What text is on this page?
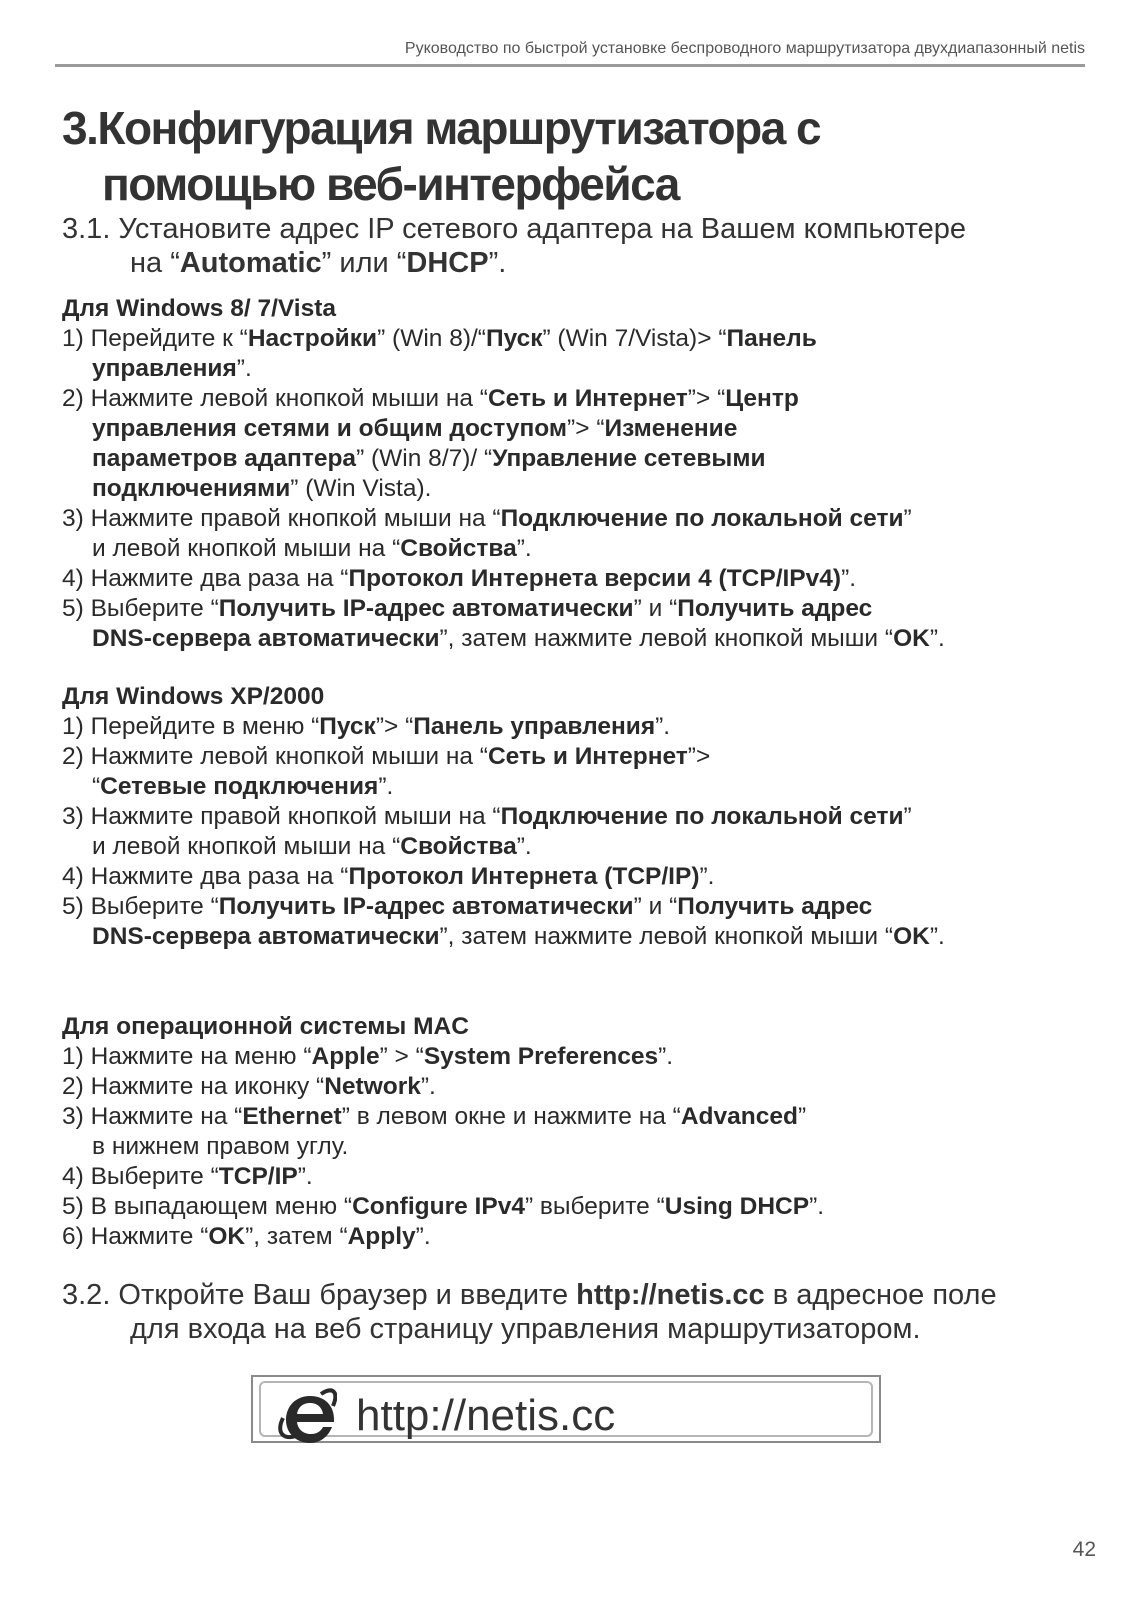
Руководство по быстрой установке беспроводного маршрутизатора двухдиапазонный netis
3.Конфигурация маршрутизатора с
помощью веб-интерфейса
3.1. Установите адрес IP сетевого адаптера на Вашем компьютере
на “Automatic” или “DHCP”.
Для Windows 8/ 7/Vista
1) Перейдите к “Настройки” (Win 8)/“Пуск” (Win 7/Vista)> “Панель
управления”.
2) Нажмите левой кнопкой мыши на “Сеть и Интернет”> “Центр
управления сетями и общим доступом”> “Изменение
параметров адаптера” (Win 8/7)/ “Управление сетевыми
подключениями” (Win Vista).
3) Нажмите правой кнопкой мыши на “Подключение по локальной сети”
и левой кнопкой мыши на “Свойства”.
4) Нажмите два раза на “Протокол Интернета версии 4 (TCP/IPv4)”.
5) Выберите “Получить IP-адрес автоматически” и “Получить адрес
DNS-сервера автоматически”, затем нажмите левой кнопкой мыши “OK”.
Для Windows XP/2000
1) Перейдите в меню “Пуск”> “Панель управления”.
2) Нажмите левой кнопкой мыши на “Сеть и Интернет”>
“Сетевые подключения”.
3) Нажмите правой кнопкой мыши на “Подключение по локальной сети”
и левой кнопкой мыши на “Свойства”.
4) Нажмите два раза на “Протокол Интернета (TCP/IP)”.
5) Выберите “Получить IP-адрес автоматически” и “Получить адрес
DNS-сервера автоматически”, затем нажмите левой кнопкой мыши “OK”.
Для операционной системы MAC
1) Нажмите на меню “Apple” > “System Preferences”.
2) Нажмите на иконку “Network”.
3) Нажмите на “Ethernet” в левом окне и нажмите на “Advanced”
в нижнем правом углу.
4) Выберите “TCP/IP”.
5) В выпадающем меню “Configure IPv4” выберите “Using DHCP”.
6) Нажмите “OK”, затем “Apply”.
3.2. Откройте Ваш браузер и введите http://netis.cc в адресное поле
для входа на веб страницу управления маршрутизатором.
http://netis.cc
42
